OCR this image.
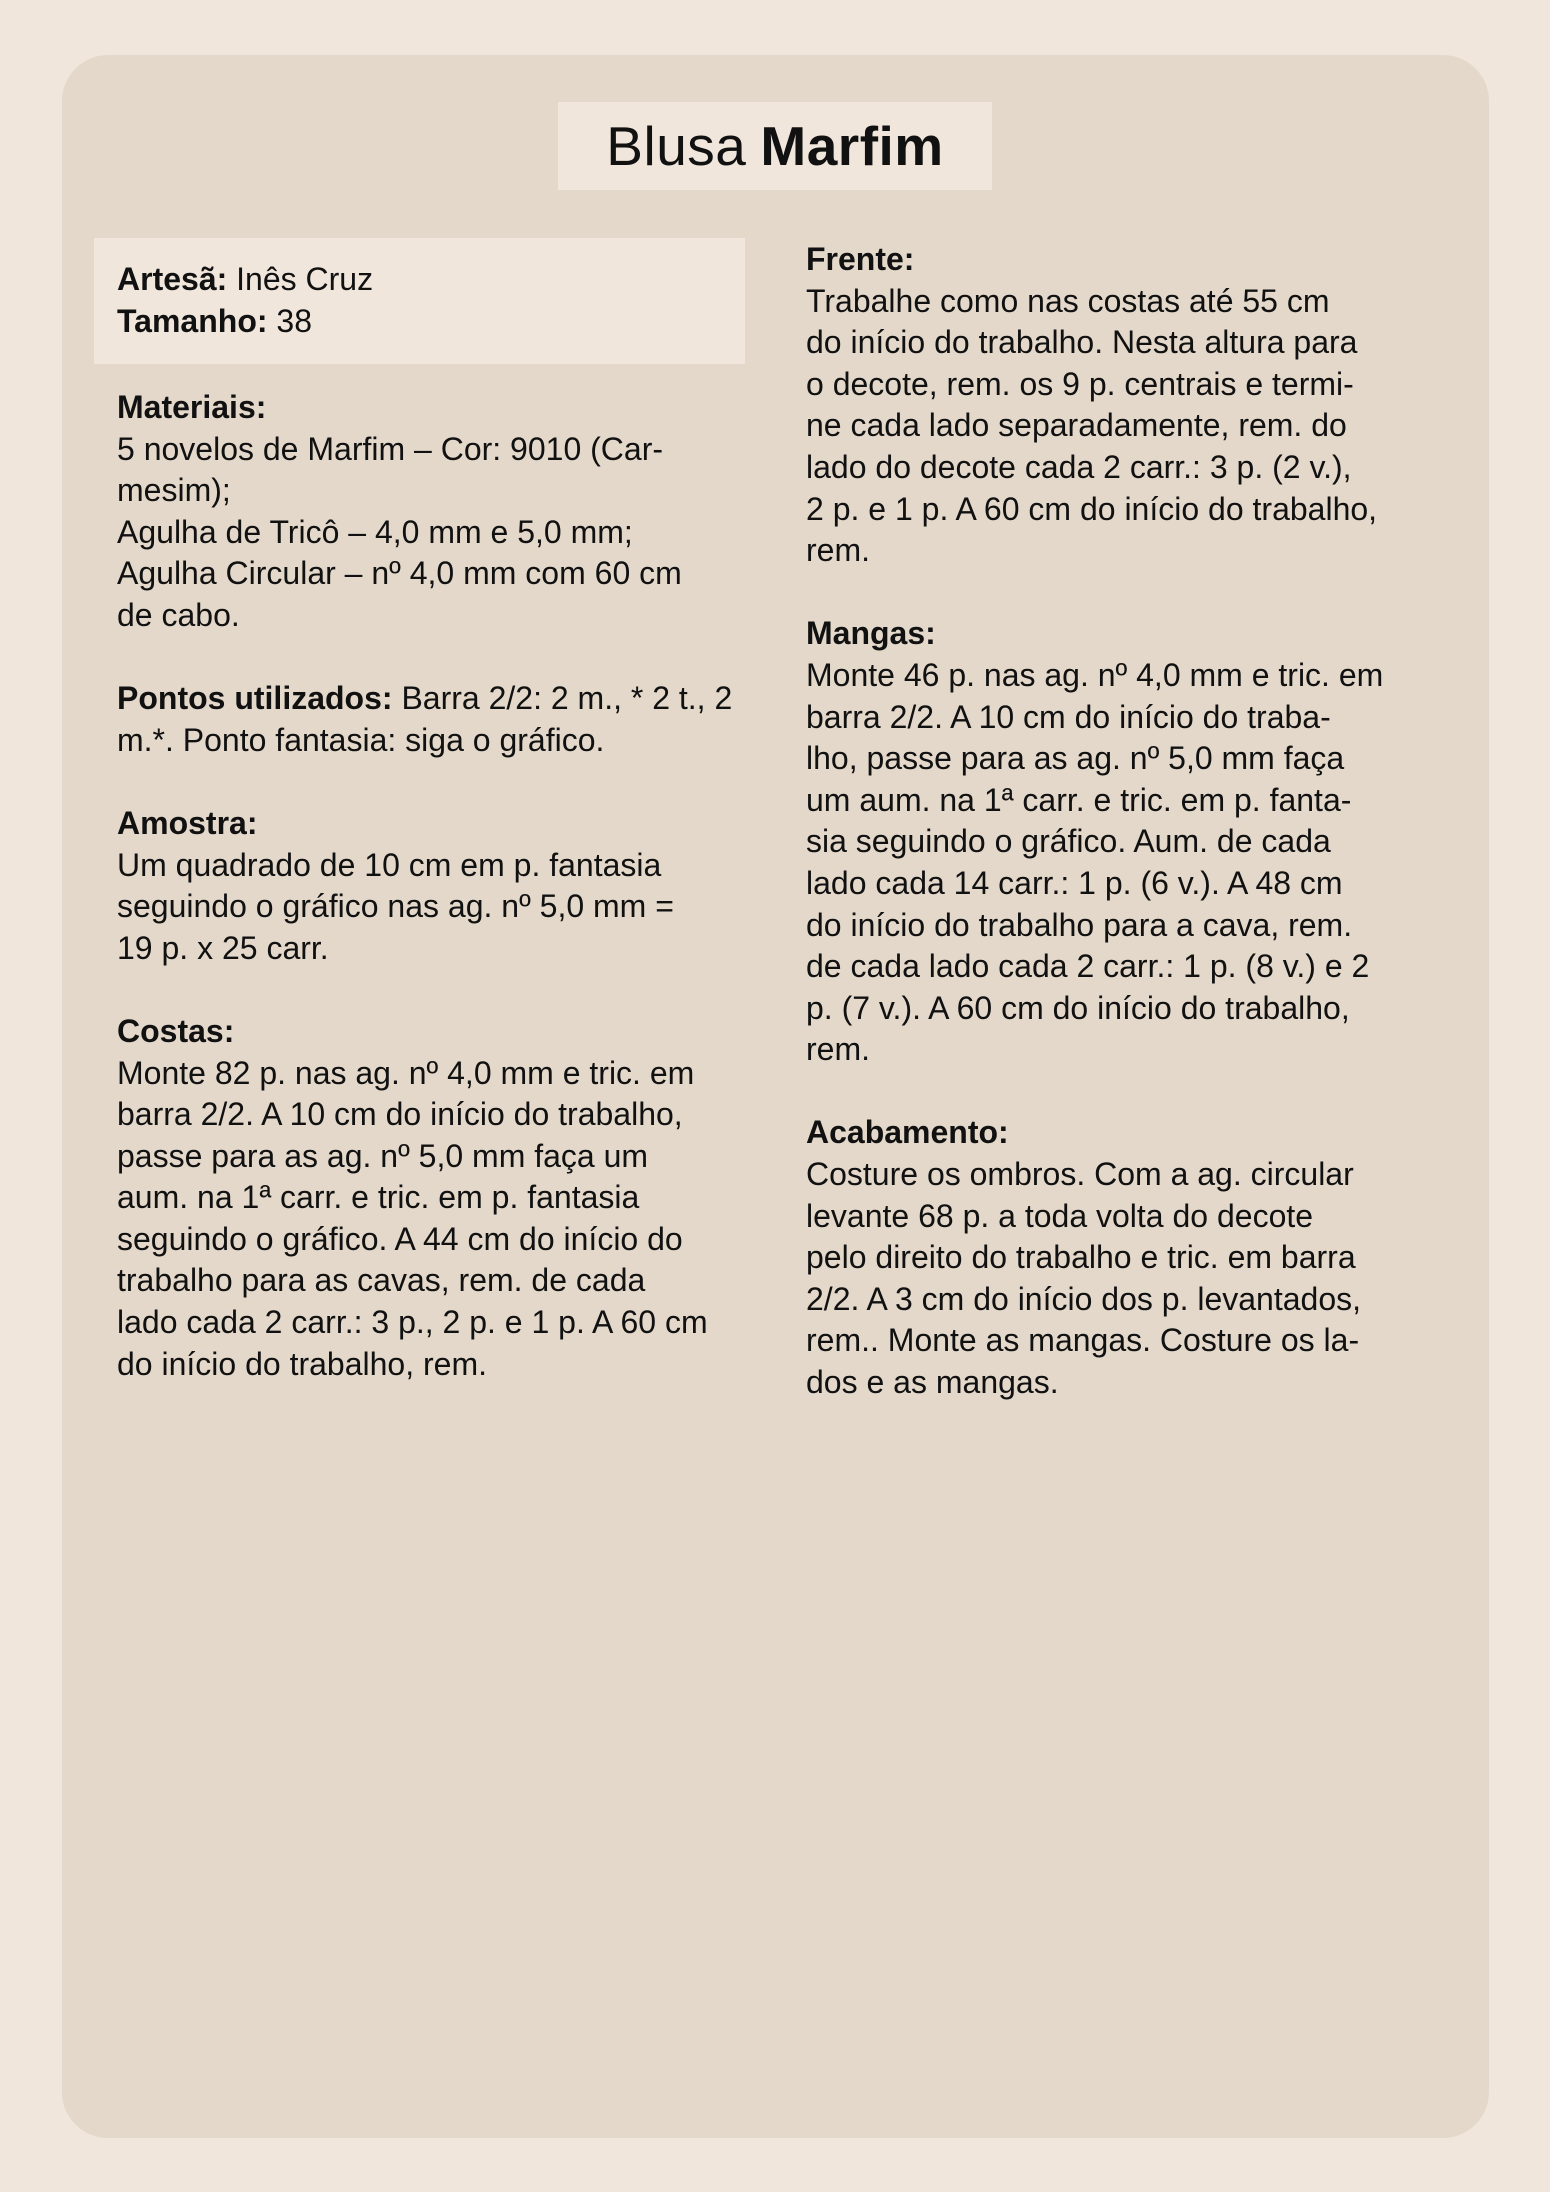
Blusa Marfim
Artesã: Inês Cruz
Tamanho: 38
Materiais:
5 novelos de Marfim – Cor: 9010 (Car-
mesim);
Agulha de Tricô – 4,0 mm e 5,0 mm;
Agulha Circular – nº 4,0 mm com 60 cm
de cabo.
Pontos utilizados: Barra 2/2: 2 m., * 2 t., 2
m.*. Ponto fantasia: siga o gráfico.
Amostra:
Um quadrado de 10 cm em p. fantasia
seguindo o gráfico nas ag. nº 5,0 mm =
19 p. x 25 carr.
Costas:
Monte 82 p. nas ag. nº 4,0 mm e tric. em
barra 2/2. A 10 cm do início do trabalho,
passe para as ag. nº 5,0 mm faça um
aum. na 1ª carr. e tric. em p. fantasia
seguindo o gráfico. A 44 cm do início do
trabalho para as cavas, rem. de cada
lado cada 2 carr.: 3 p., 2 p. e 1 p. A 60 cm
do início do trabalho, rem.
Frente:
Trabalhe como nas costas até 55 cm
do início do trabalho. Nesta altura para
o decote, rem. os 9 p. centrais e termi-
ne cada lado separadamente, rem. do
lado do decote cada 2 carr.: 3 p. (2 v.),
2 p. e 1 p. A 60 cm do início do trabalho,
rem.
Mangas:
Monte 46 p. nas ag. nº 4,0 mm e tric. em
barra 2/2. A 10 cm do início do traba-
lho, passe para as ag. nº 5,0 mm faça
um aum. na 1ª carr. e tric. em p. fanta-
sia seguindo o gráfico. Aum. de cada
lado cada 14 carr.: 1 p. (6 v.). A 48 cm
do início do trabalho para a cava, rem.
de cada lado cada 2 carr.: 1 p. (8 v.) e 2
p. (7 v.). A 60 cm do início do trabalho,
rem.
Acabamento:
Costure os ombros. Com a ag. circular
levante 68 p. a toda volta do decote
pelo direito do trabalho e tric. em barra
2/2. A 3 cm do início dos p. levantados,
rem.. Monte as mangas. Costure os la-
dos e as mangas.
